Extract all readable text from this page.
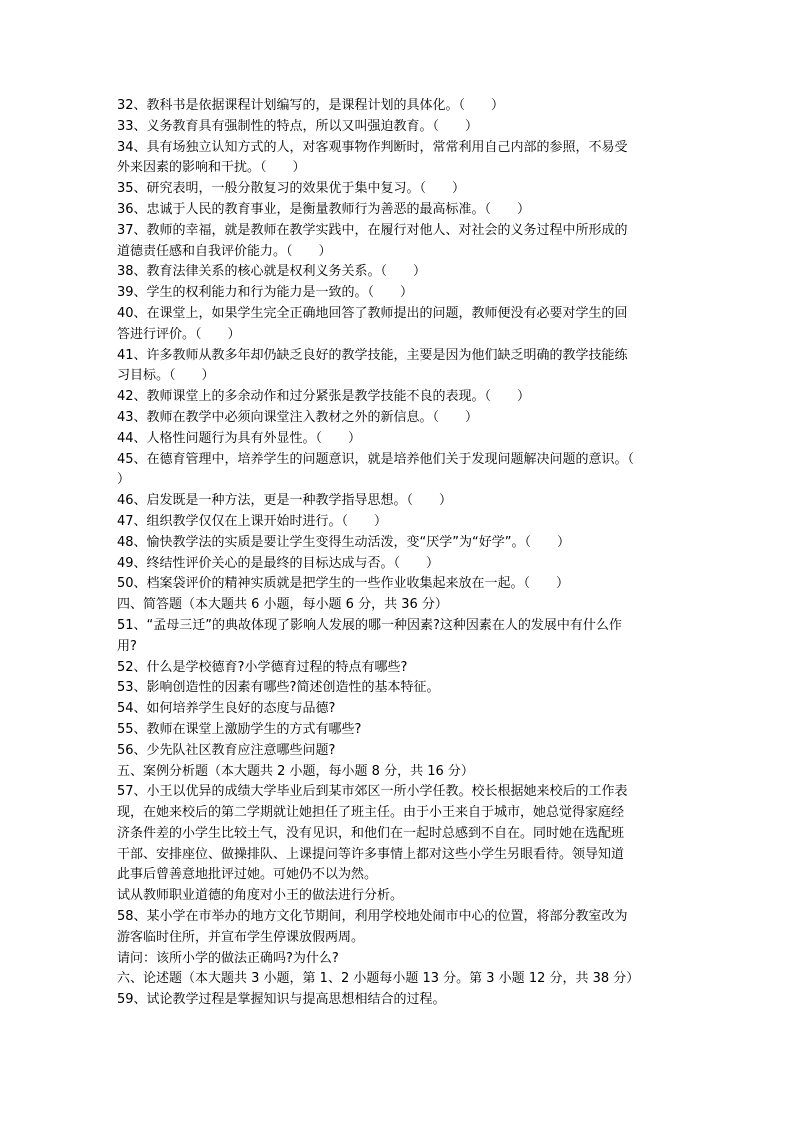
32、教科书是依据课程计划编写的，是课程计划的具体化。（　　）
33、义务教育具有强制性的特点，所以又叫强迫教育。（　　）
34、具有场独立认知方式的人，对客观事物作判断时，常常利用自己内部的参照，不易受
外来因素的影响和干扰。（　　）
35、研究表明，一般分散复习的效果优于集中复习。（　　）
36、忠诚于人民的教育事业，是衡量教师行为善恶的最高标准。（　　）
37、教师的幸福，就是教师在教学实践中，在履行对他人、对社会的义务过程中所形成的
道德责任感和自我评价能力。（　　）
38、教育法律关系的核心就是权利义务关系。（　　）
39、学生的权利能力和行为能力是一致的。（　　）
40、在课堂上，如果学生完全正确地回答了教师提出的问题，教师便没有必要对学生的回
答进行评价。（　　）
41、许多教师从教多年却仍缺乏良好的教学技能，主要是因为他们缺乏明确的教学技能练
习目标。（　　）
42、教师课堂上的多余动作和过分紧张是教学技能不良的表现。（　　）
43、教师在教学中必须向课堂注入教材之外的新信息。（　　）
44、人格性问题行为具有外显性。（　　）
45、在德育管理中，培养学生的问题意识，就是培养他们关于发现问题解决问题的意识。（
）
46、启发既是一种方法，更是一种教学指导思想。（　　）
47、组织教学仅仅在上课开始时进行。（　　）
48、愉快教学法的实质是要让学生变得生动活泼，变“厌学”为“好学”。（　　）
49、终结性评价关心的是最终的目标达成与否。（　　）
50、档案袋评价的精神实质就是把学生的一些作业收集起来放在一起。（　　）
四、简答题（本大题共 6 小题，每小题 6 分，共 36 分）
51、“孟母三迁”的典故体现了影响人发展的哪一种因素?这种因素在人的发展中有什么作
用?
52、什么是学校德育?小学德育过程的特点有哪些?
53、影响创造性的因素有哪些?简述创造性的基本特征。
54、如何培养学生良好的态度与品德?
55、教师在课堂上激励学生的方式有哪些?
56、少先队社区教育应注意哪些问题?
五、案例分析题（本大题共 2 小题，每小题 8 分，共 16 分）
57、小王以优异的成绩大学毕业后到某市郊区一所小学任教。校长根据她来校后的工作表
现，在她来校后的第二学期就让她担任了班主任。由于小王来自于城市，她总觉得家庭经
济条件差的小学生比较土气，没有见识，和他们在一起时总感到不自在。同时她在选配班
干部、安排座位、做操排队、上课提问等许多事情上都对这些小学生另眼看待。领导知道
此事后曾善意地批评过她。可她仍不以为然。
试从教师职业道德的角度对小王的做法进行分析。
58、某小学在市举办的地方文化节期间，利用学校地处闹市中心的位置，将部分教室改为
游客临时住所，并宣布学生停课放假两周。
请问：该所小学的做法正确吗?为什么?
六、论述题（本大题共 3 小题，第 1、2 小题每小题 13 分。第 3 小题 12 分，共 38 分）
59、试论教学过程是掌握知识与提高思想相结合的过程。
